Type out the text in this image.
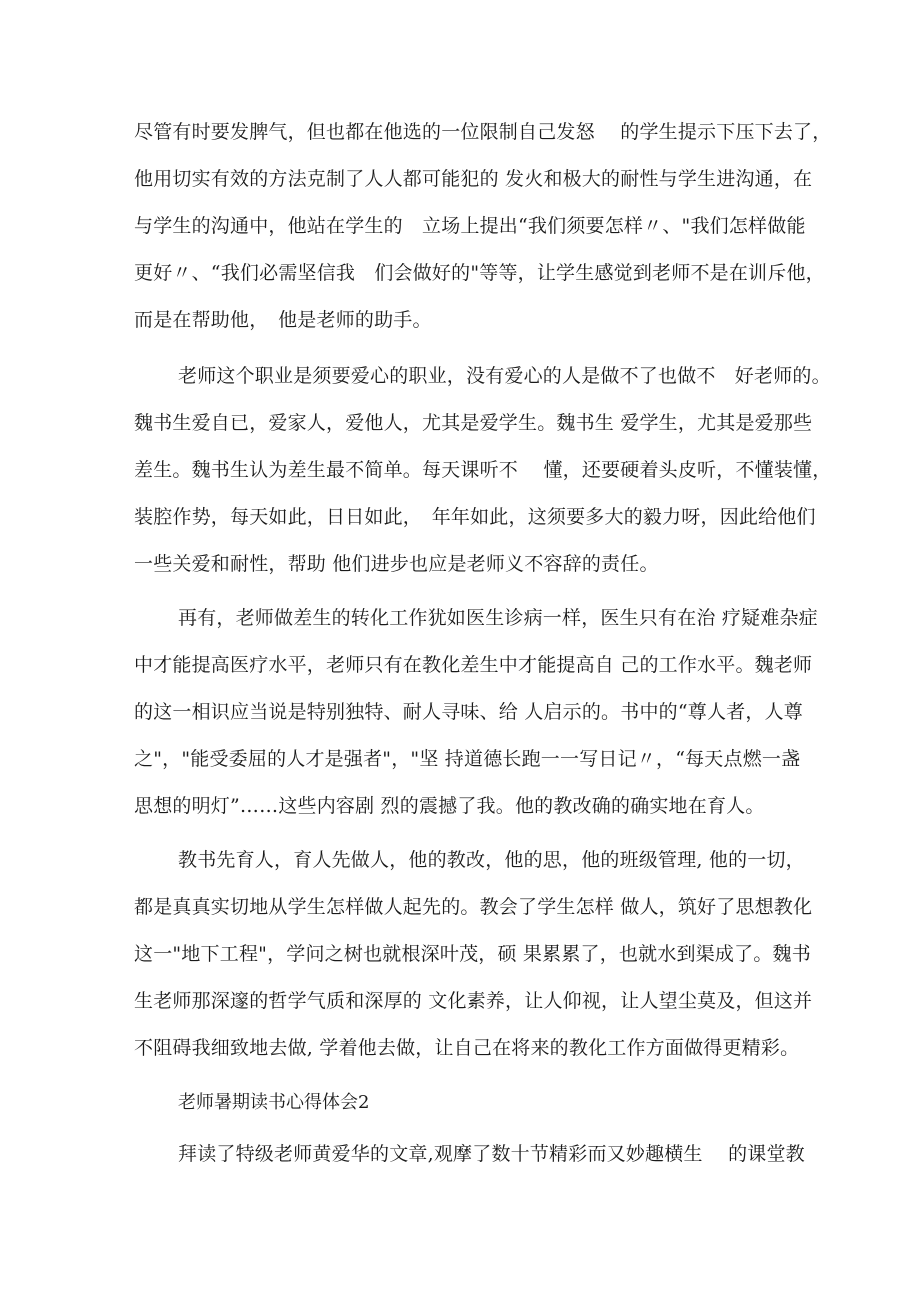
尽管有时要发脾气，但也都在他选的一位限制自己发怒　 的学生提示下压下去了，
他用切实有效的方法克制了人人都可能犯的 发火和极大的耐性与学生进沟通，在
与学生的沟通中，他站在学生的　立场上提出“我们须要怎样〃、"我们怎样做能
更好〃、“我们必需坚信我　们会做好的"等等，让学生感觉到老师不是在训斥他，
而是在帮助他，　他是老师的助手。
老师这个职业是须要爱心的职业，没有爱心的人是做不了也做不　好老师的。
魏书生爱自已，爱家人，爱他人，尤其是爱学生。魏书生 爱学生，尤其是爱那些
差生。魏书生认为差生最不简单。每天课听不　 懂，还要硬着头皮听，不懂装懂，
装腔作势，每天如此，日日如此，　年年如此，这须要多大的毅力呀，因此给他们
一些关爱和耐性，帮助 他们进步也应是老师义不容辞的责任。
再有，老师做差生的转化工作犹如医生诊病一样，医生只有在治 疗疑难杂症
中才能提高医疗水平，老师只有在教化差生中才能提高自 己的工作水平。魏老师
的这一相识应当说是特别独特、耐人寻味、给 人启示的。书中的“尊人者，人尊
之"，"能受委屈的人才是强者"，"坚 持道德长跑一一写日记〃，“每天点燃一盏
思想的明灯”……这些内容剧 烈的震撼了我。他的教改确的确实地在育人。
教书先育人，育人先做人，他的教改，他的思，他的班级管理, 他的一切，
都是真真实切地从学生怎样做人起先的。教会了学生怎样 做人，筑好了思想教化
这一"地下工程"，学问之树也就根深叶茂，硕 果累累了，也就水到渠成了。魏书
生老师那深邃的哲学气质和深厚的 文化素养，让人仰视，让人望尘莫及，但这并
不阻碍我细致地去做, 学着他去做，让自己在将来的教化工作方面做得更精彩。
老师暑期读书心得体会2
拜读了特级老师黄爱华的文章,观摩了数十节精彩而又妙趣横生　 的课堂教
